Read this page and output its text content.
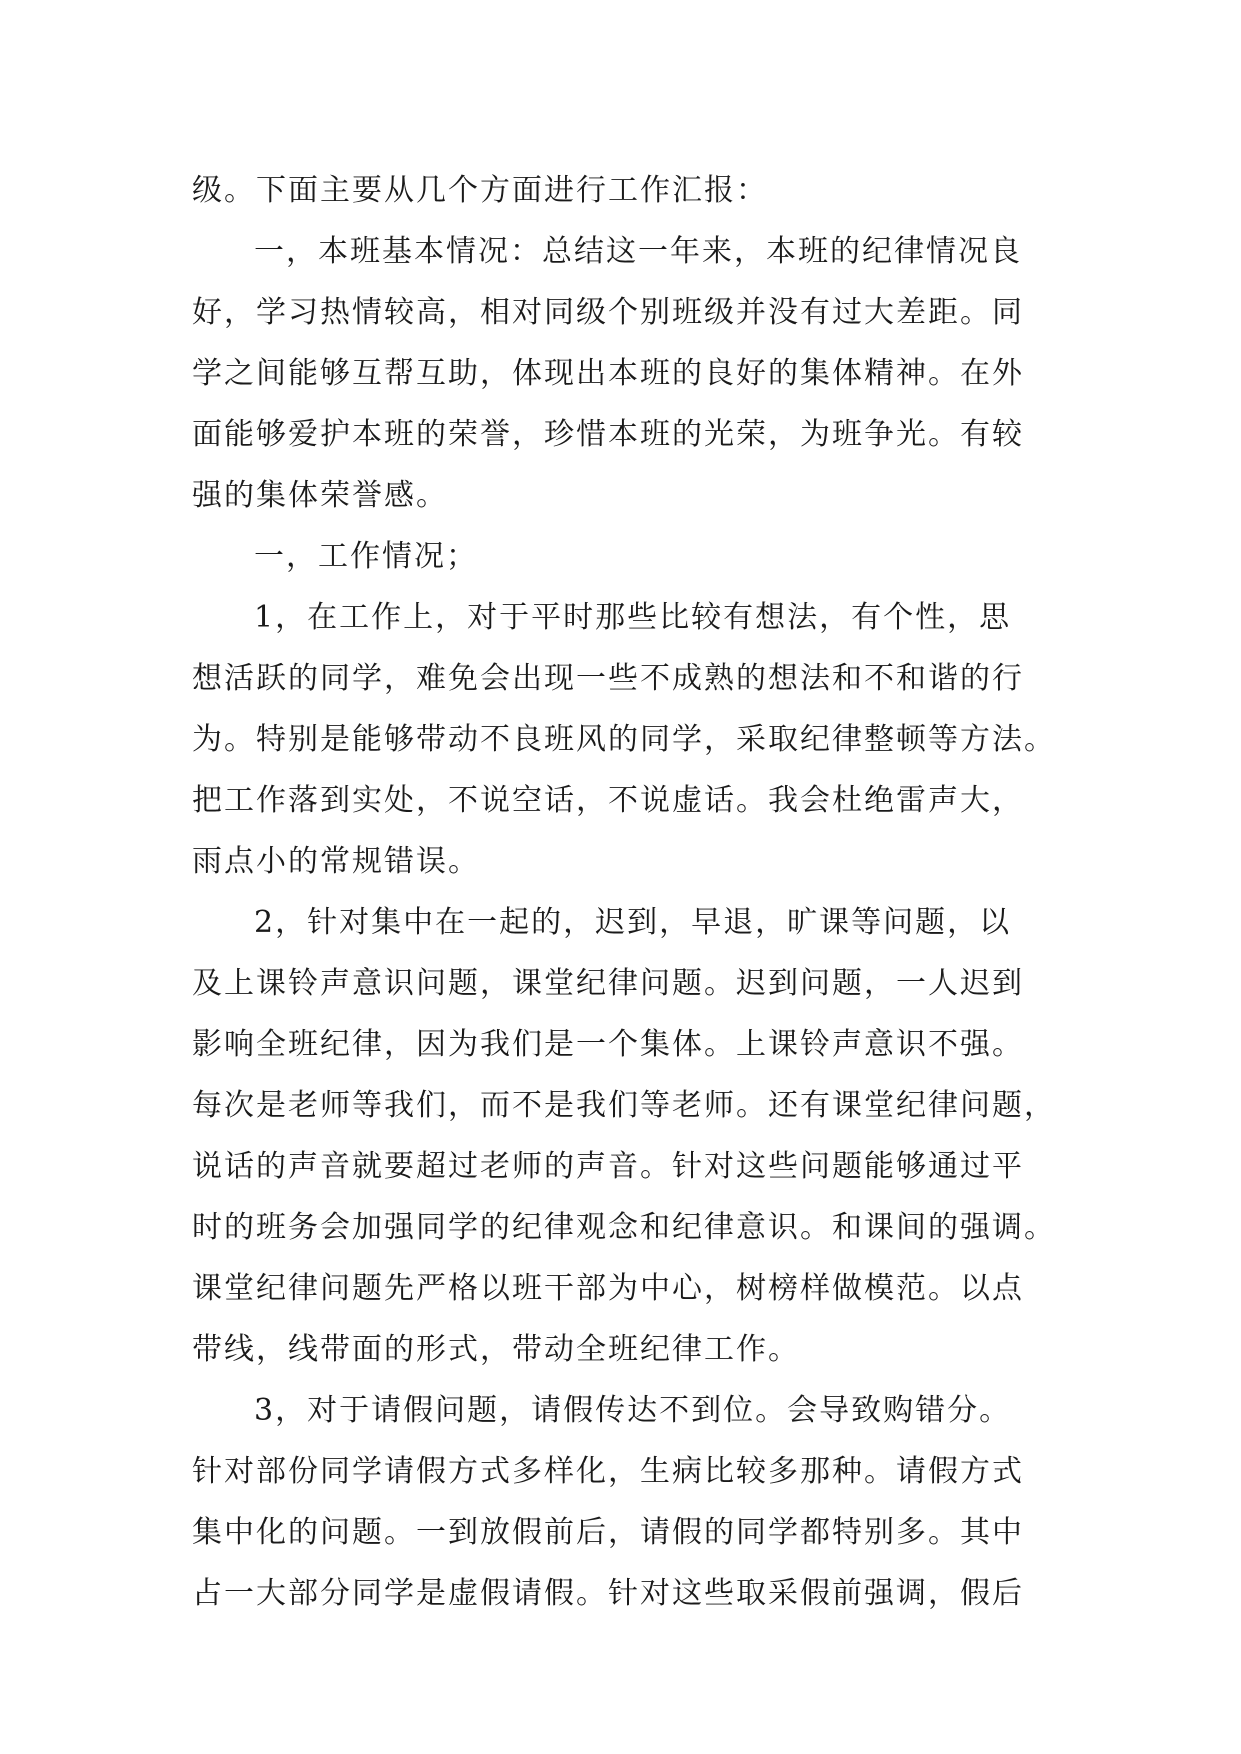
级。下面主要从几个方面进行工作汇报：
一，本班基本情况：总结这一年来，本班的纪律情况良
好，学习热情较高，相对同级个别班级并没有过大差距。同
学之间能够互帮互助，体现出本班的良好的集体精神。在外
面能够爱护本班的荣誉，珍惜本班的光荣，为班争光。有较
强的集体荣誉感。
一，工作情况；
1，在工作上，对于平时那些比较有想法，有个性，思
想活跃的同学，难免会出现一些不成熟的想法和不和谐的行
为。特别是能够带动不良班风的同学，采取纪律整顿等方法。
把工作落到实处，不说空话，不说虚话。我会杜绝雷声大，
雨点小的常规错误。
2，针对集中在一起的，迟到，早退，旷课等问题，以
及上课铃声意识问题，课堂纪律问题。迟到问题，一人迟到
影响全班纪律，因为我们是一个集体。上课铃声意识不强。
每次是老师等我们，而不是我们等老师。还有课堂纪律问题，
说话的声音就要超过老师的声音。针对这些问题能够通过平
时的班务会加强同学的纪律观念和纪律意识。和课间的强调。
课堂纪律问题先严格以班干部为中心，树榜样做模范。以点
带线，线带面的形式，带动全班纪律工作。
3，对于请假问题，请假传达不到位。会导致购错分。
针对部份同学请假方式多样化，生病比较多那种。请假方式
集中化的问题。一到放假前后，请假的同学都特别多。其中
占一大部分同学是虚假请假。针对这些取采假前强调，假后
